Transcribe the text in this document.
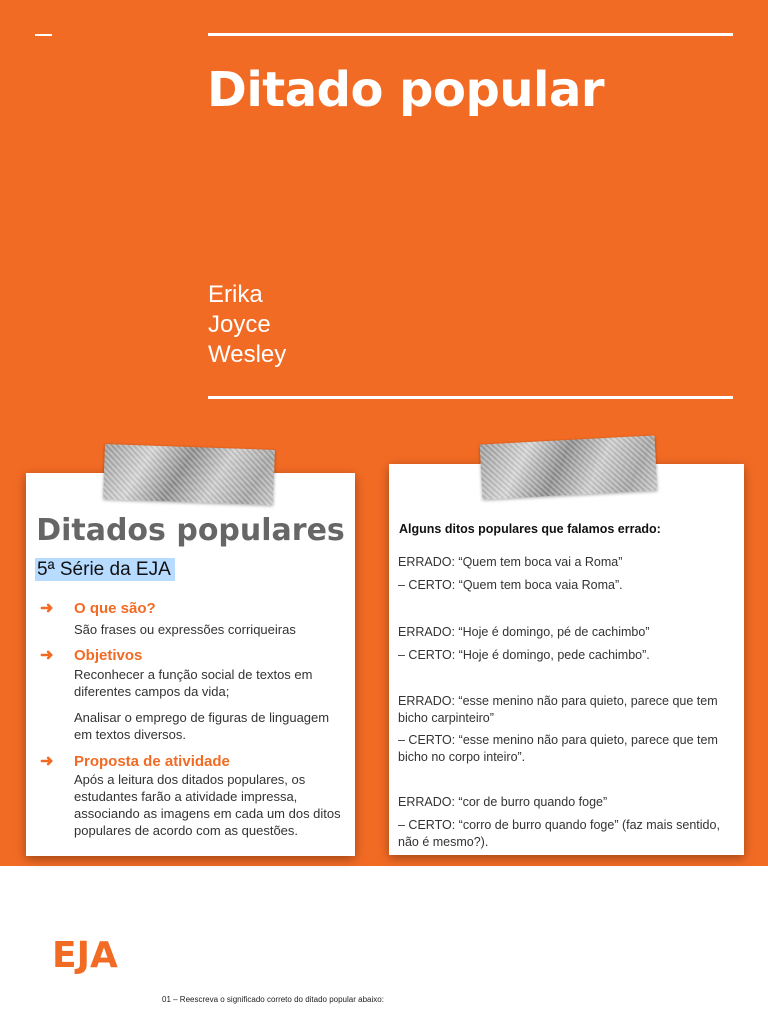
Ditado popular
Erika
Joyce
Wesley
Ditados populares
5ª Série da EJA
➜ O que são?
São frases ou expressões corriqueiras
➜ Objetivos
Reconhecer a função social de textos em diferentes campos da vida;
Analisar o emprego de figuras de linguagem em textos diversos.
➜ Proposta de atividade
Após a leitura dos ditados populares, os estudantes farão a atividade impressa, associando as imagens em cada um dos ditos populares de acordo com as questões.
Alguns ditos populares que falamos errado:
ERRADO: “Quem tem boca vai a Roma”
– CERTO: “Quem tem boca vaia Roma”.
ERRADO: “Hoje é domingo, pé de cachimbo”
– CERTO: “Hoje é domingo, pede cachimbo”.
ERRADO: “esse menino não para quieto, parece que tem bicho carpinteiro”
– CERTO: “esse menino não para quieto, parece que tem bicho no corpo inteiro”.
ERRADO: “cor de burro quando foge”
– CERTO: “corro de burro quando foge” (faz mais sentido, não é mesmo?).
EJA
01 – Reescreva o significado correto do ditado popular abaixo:
